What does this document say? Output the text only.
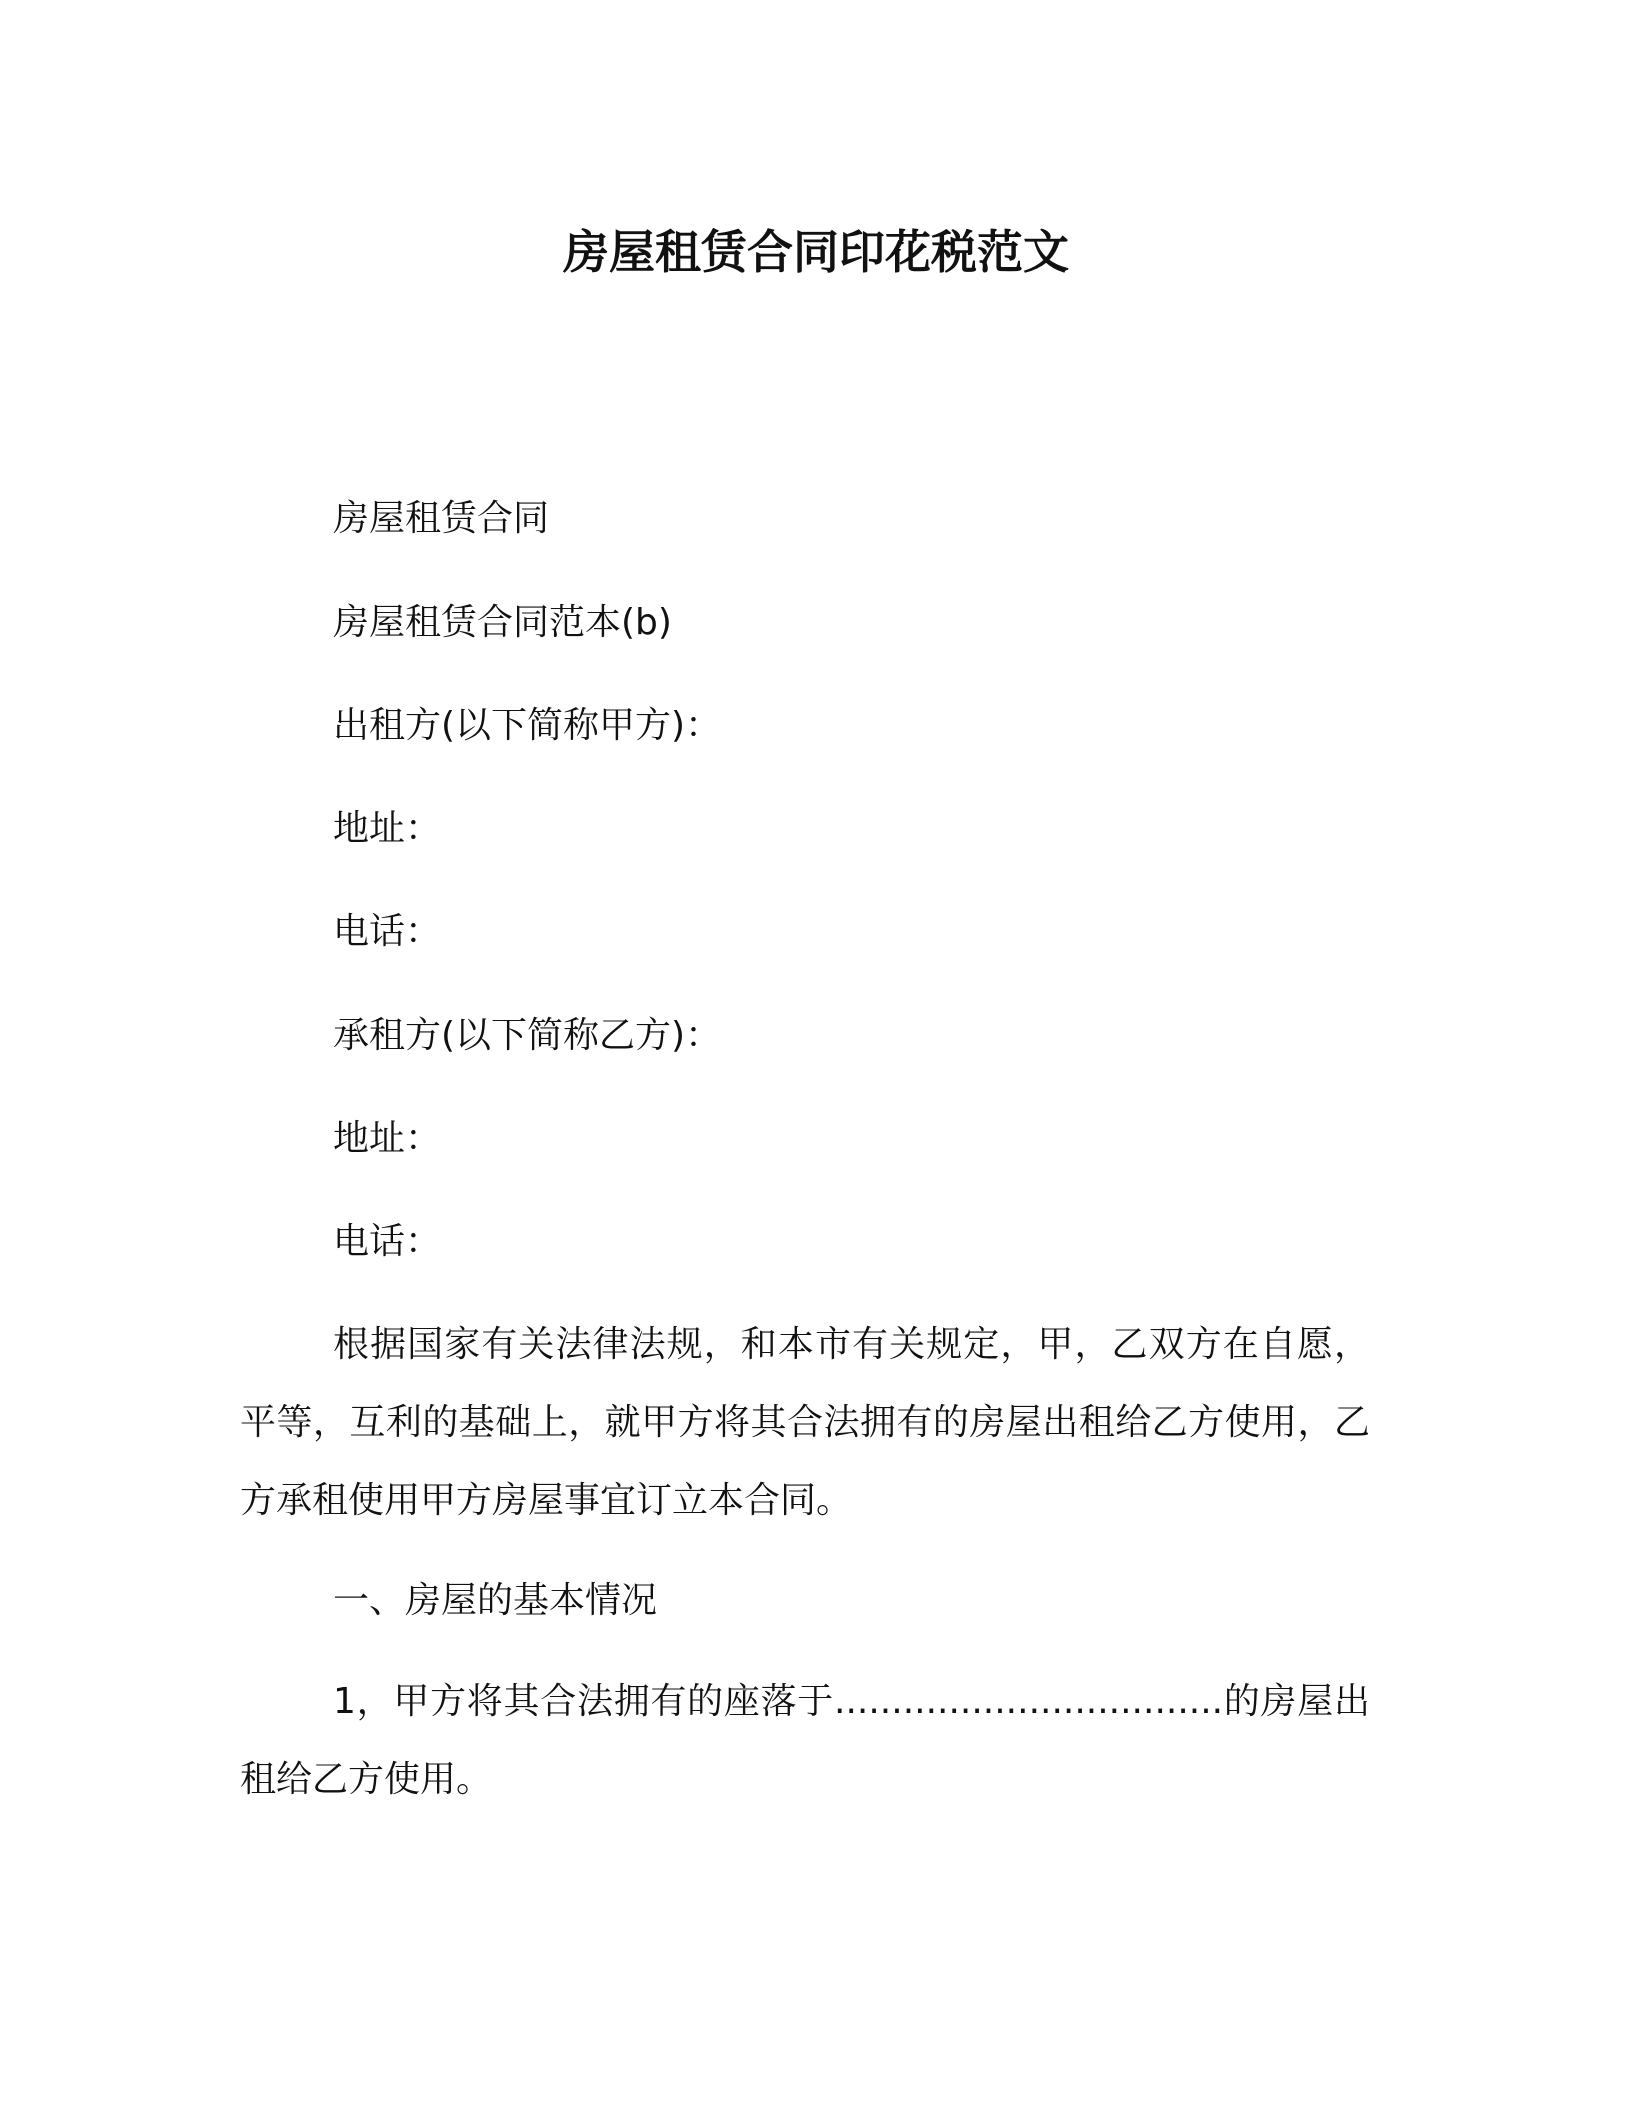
房屋租赁合同印花税范文
房屋租赁合同
房屋租赁合同范本(b)
出租方(以下简称甲方)：
地址：
电话：
承租方(以下简称乙方)：
地址：
电话：
根据国家有关法律法规，和本市有关规定，甲，乙双方在自愿，平等，互利的基础上，就甲方将其合法拥有的房屋出租给乙方使用，乙方承租使用甲方房屋事宜订立本合同。
一、房屋的基本情况
1，甲方将其合法拥有的座落于..................................的房屋出租给乙方使用。
